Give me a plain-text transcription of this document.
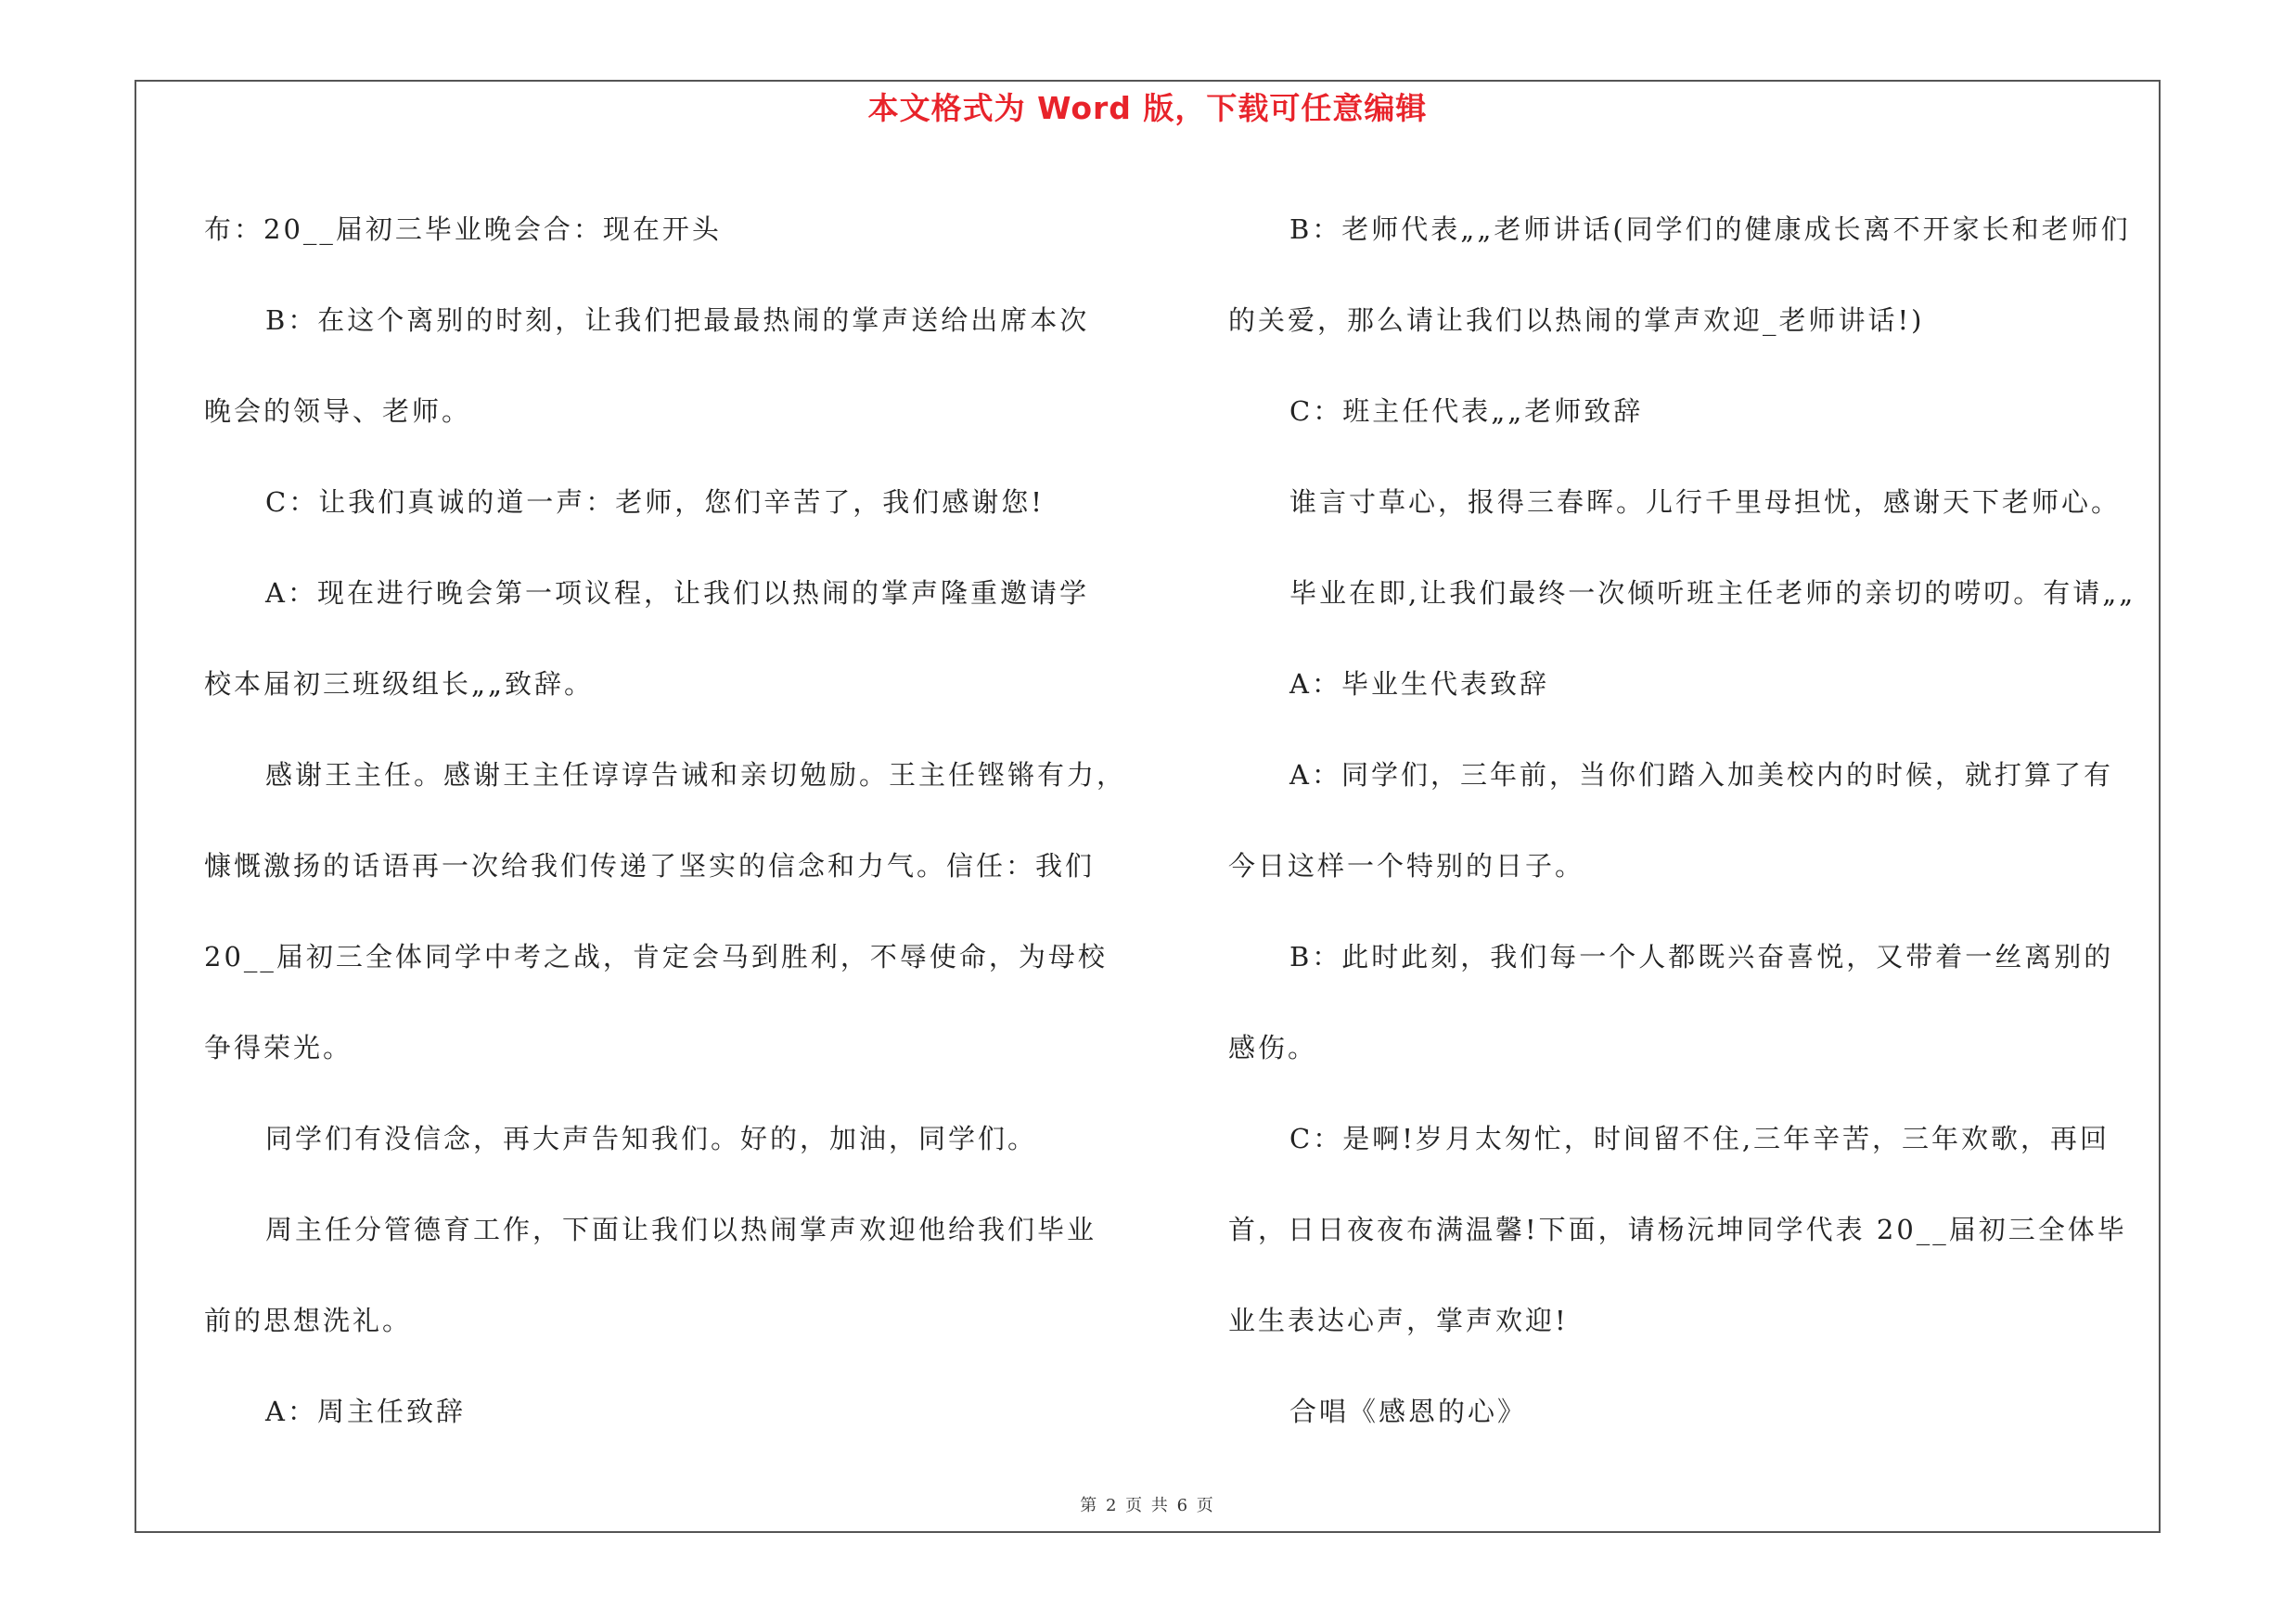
本文格式为 Word 版，下载可任意编辑

布：20__届初三毕业晚会合：现在开头

B：在这个离别的时刻，让我们把最最热闹的掌声送给出席本次

晚会的领导、老师。

C：让我们真诚的道一声：老师，您们辛苦了，我们感谢您!

A：现在进行晚会第一项议程，让我们以热闹的掌声隆重邀请学

校本届初三班级组长„„致辞。

感谢王主任。感谢王主任谆谆告诫和亲切勉励。王主任铿锵有力，

慷慨激扬的话语再一次给我们传递了坚实的信念和力气。信任：我们

20__届初三全体同学中考之战，肯定会马到胜利，不辱使命，为母校

争得荣光。

同学们有没信念，再大声告知我们。好的，加油，同学们。

周主任分管德育工作，下面让我们以热闹掌声欢迎他给我们毕业

前的思想洗礼。

A：周主任致辞

B：老师代表„„老师讲话(同学们的健康成长离不开家长和老师们

的关爱，那么请让我们以热闹的掌声欢迎_老师讲话!)

C：班主任代表„„老师致辞

谁言寸草心，报得三春晖。儿行千里母担忧，感谢天下老师心。

毕业在即,让我们最终一次倾听班主任老师的亲切的唠叨。有请„„

A：毕业生代表致辞

A：同学们，三年前，当你们踏入加美校内的时候，就打算了有

今日这样一个特别的日子。

B：此时此刻，我们每一个人都既兴奋喜悦，又带着一丝离别的

感伤。

C：是啊!岁月太匆忙，时间留不住,三年辛苦，三年欢歌，再回

首，日日夜夜布满温馨!下面，请杨沅坤同学代表 20__届初三全体毕

业生表达心声，掌声欢迎!

合唱《感恩的心》

第 2 页 共 6 页
